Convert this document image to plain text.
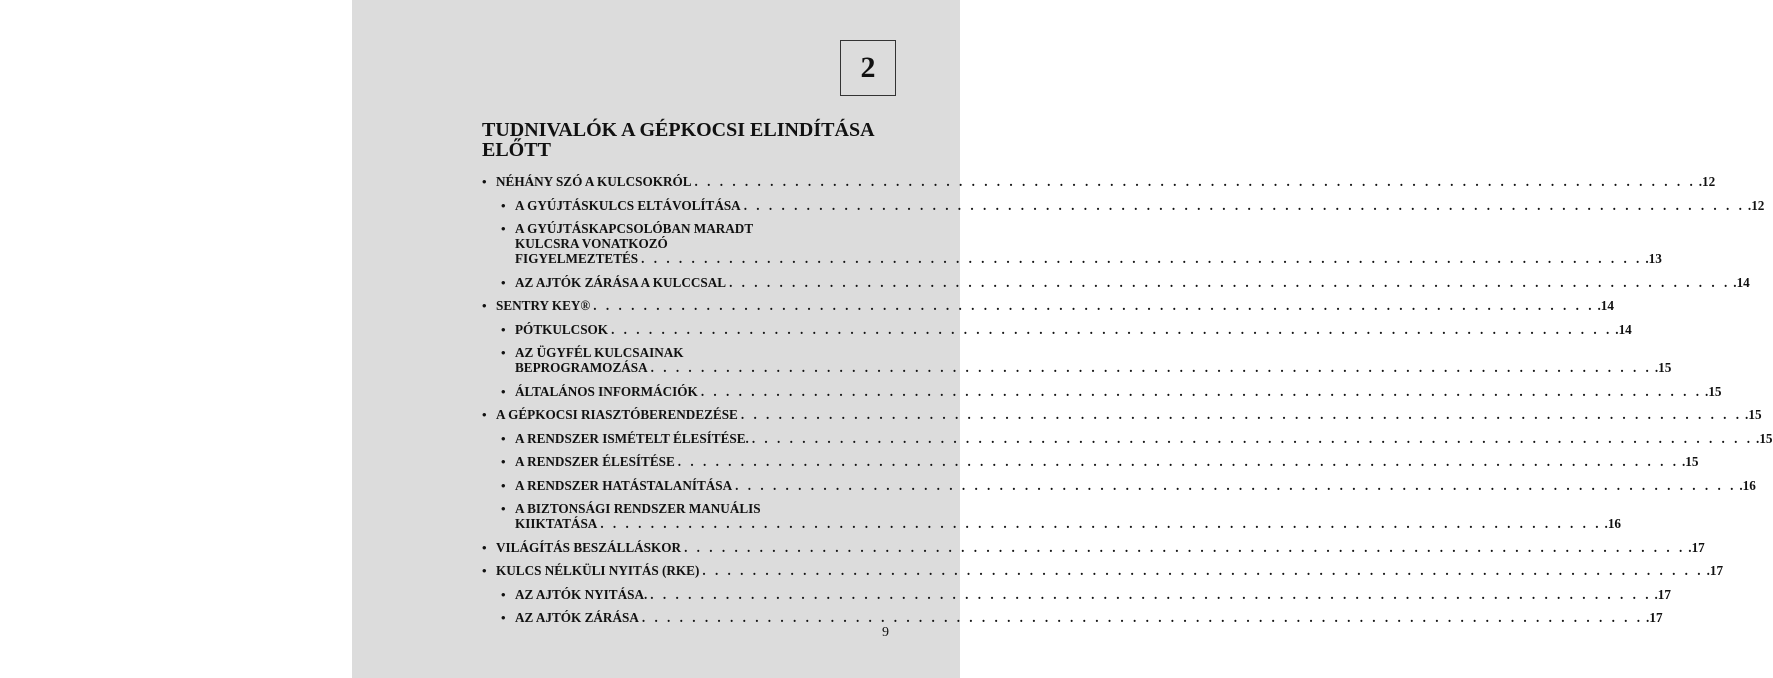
2
TUDNIVALÓK A GÉPKOCSI ELINDÍTÁSA
ELŐTT
• NÉHÁNY SZÓ A KULCSOKRÓL . . . . . . . . . . . . . . . . . . . . . . . . . . . . . . . . . . . . . . . . . . . . . . . . . . . . . . . . . . . . . . . . . . . . . . . . . . . . . . . . .12
• A GYÚJTÁSKULCS ELTÁVOLÍTÁSA . . . . . . . . . . . . . . . . . . . . . . . . . . . . . . . . . . . . . . . . . . . . . . . . . . . . . . . . . . . . . . . . . . . . . . . . . . . . . . . . .12
• A GYÚJTÁSKAPCSOLÓBAN MARADT
KULCSRA VONATKOZÓ
FIGYELMEZTETÉS . . . . . . . . . . . . . . . . . . . . . . . . . . . . . . . . . . . . . . . . . . . . . . . . . . . . . . . . . . . . . . . . . . . . . . . . . . . . . . . . .13
• AZ AJTÓK ZÁRÁSA A KULCCSAL . . . . . . . . . . . . . . . . . . . . . . . . . . . . . . . . . . . . . . . . . . . . . . . . . . . . . . . . . . . . . . . . . . . . . . . . . . . . . . . . .14
• SENTRY KEY® . . . . . . . . . . . . . . . . . . . . . . . . . . . . . . . . . . . . . . . . . . . . . . . . . . . . . . . . . . . . . . . . . . . . . . . . . . . . . . . . .14
• PÓTKULCSOK . . . . . . . . . . . . . . . . . . . . . . . . . . . . . . . . . . . . . . . . . . . . . . . . . . . . . . . . . . . . . . . . . . . . . . . . . . . . . . . . .14
• AZ ÜGYFÉL KULCSAINAK
BEPROGRAMOZÁSA . . . . . . . . . . . . . . . . . . . . . . . . . . . . . . . . . . . . . . . . . . . . . . . . . . . . . . . . . . . . . . . . . . . . . . . . . . . . . . . . .15
• ÁLTALÁNOS INFORMÁCIÓK . . . . . . . . . . . . . . . . . . . . . . . . . . . . . . . . . . . . . . . . . . . . . . . . . . . . . . . . . . . . . . . . . . . . . . . . . . . . . . . . .15
• A GÉPKOCSI RIASZTÓBERENDEZÉSE . . . . . . . . . . . . . . . . . . . . . . . . . . . . . . . . . . . . . . . . . . . . . . . . . . . . . . . . . . . . . . . . . . . . . . . . . . . . . . . . .15
• A RENDSZER ISMÉTELT ÉLESÍTÉSE. . . . . . . . . . . . . . . . . . . . . . . . . . . . . . . . . . . . . . . . . . . . . . . . . . . . . . . . . . . . . . . . . . . . . . . . . . . . . . . . . .15
• A RENDSZER ÉLESÍTÉSE . . . . . . . . . . . . . . . . . . . . . . . . . . . . . . . . . . . . . . . . . . . . . . . . . . . . . . . . . . . . . . . . . . . . . . . . . . . . . . . . .15
• A RENDSZER HATÁSTALANÍTÁSA . . . . . . . . . . . . . . . . . . . . . . . . . . . . . . . . . . . . . . . . . . . . . . . . . . . . . . . . . . . . . . . . . . . . . . . . . . . . . . . . .16
• A BIZTONSÁGI RENDSZER MANUÁLIS
KIIKTATÁSA . . . . . . . . . . . . . . . . . . . . . . . . . . . . . . . . . . . . . . . . . . . . . . . . . . . . . . . . . . . . . . . . . . . . . . . . . . . . . . . . .16
• VILÁGÍTÁS BESZÁLLÁSKOR . . . . . . . . . . . . . . . . . . . . . . . . . . . . . . . . . . . . . . . . . . . . . . . . . . . . . . . . . . . . . . . . . . . . . . . . . . . . . . . . .17
• KULCS NÉLKÜLI NYITÁS (RKE) . . . . . . . . . . . . . . . . . . . . . . . . . . . . . . . . . . . . . . . . . . . . . . . . . . . . . . . . . . . . . . . . . . . . . . . . . . . . . . . . .17
• AZ AJTÓK NYITÁSA. . . . . . . . . . . . . . . . . . . . . . . . . . . . . . . . . . . . . . . . . . . . . . . . . . . . . . . . . . . . . . . . . . . . . . . . . . . . . . . . . .17
• AZ AJTÓK ZÁRÁSA . . . . . . . . . . . . . . . . . . . . . . . . . . . . . . . . . . . . . . . . . . . . . . . . . . . . . . . . . . . . . . . . . . . . . . . . . . . . . . . . .17
9
